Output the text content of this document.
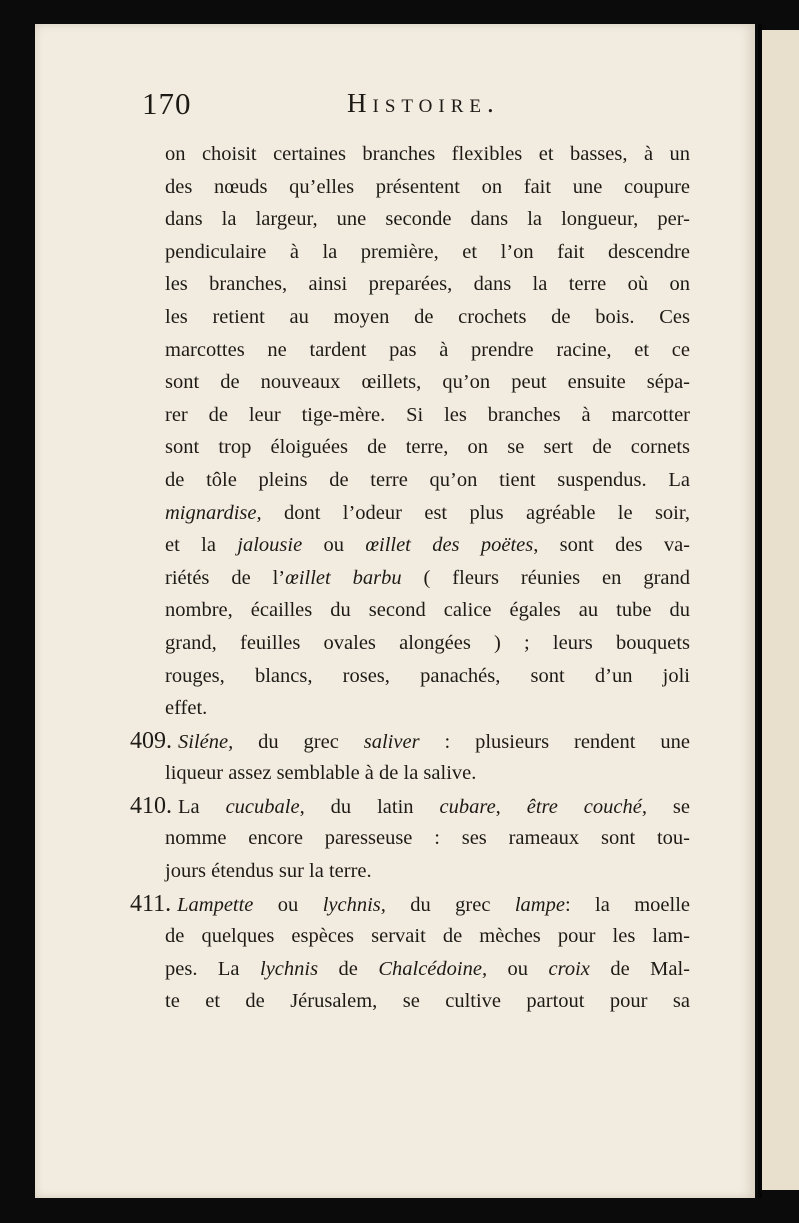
170	Histoire.
on choisit certaines branches flexibles et basses, à un
des nœuds qu’elles présentent on fait une coupure
dans la largeur, une seconde dans la longueur, per-
pendiculaire à la première, et l’on fait descendre
les branches, ainsi preparées, dans la terre où on
les retient au moyen de crochets de bois. Ces
marcottes ne tardent pas à prendre racine, et ce
sont de nouveaux œillets, qu’on peut ensuite sépa-
rer de leur tige-mère. Si les branches à marcotter
sont trop éloiguées de terre, on se sert de cornets
de tôle pleins de terre qu’on tient suspendus. La
mignardise, dont l’odeur est plus agréable le soir,
et la jalousie ou œillet des poëtes, sont des va-
riétés de l’œillet barbu ( fleurs réunies en grand
nombre, écailles du second calice égales au tube du
grand, feuilles ovales alongées ) ; leurs bouquets
rouges, blancs, roses, panachés, sont d’un joli
effet.
409. Siléne, du grec saliver : plusieurs rendent une
liqueur assez semblable à de la salive.
410. La cucubale, du latin cubare, être couché, se
nomme encore paresseuse : ses rameaux sont tou-
jours étendus sur la terre.
411. Lampette ou lychnis, du grec lampe: la moelle
de quelques espèces servait de mèches pour les lam-
pes. La lychnis de Chalcédoine, ou croix de Mal-
te et de Jérusalem, se cultive partout pour sa
